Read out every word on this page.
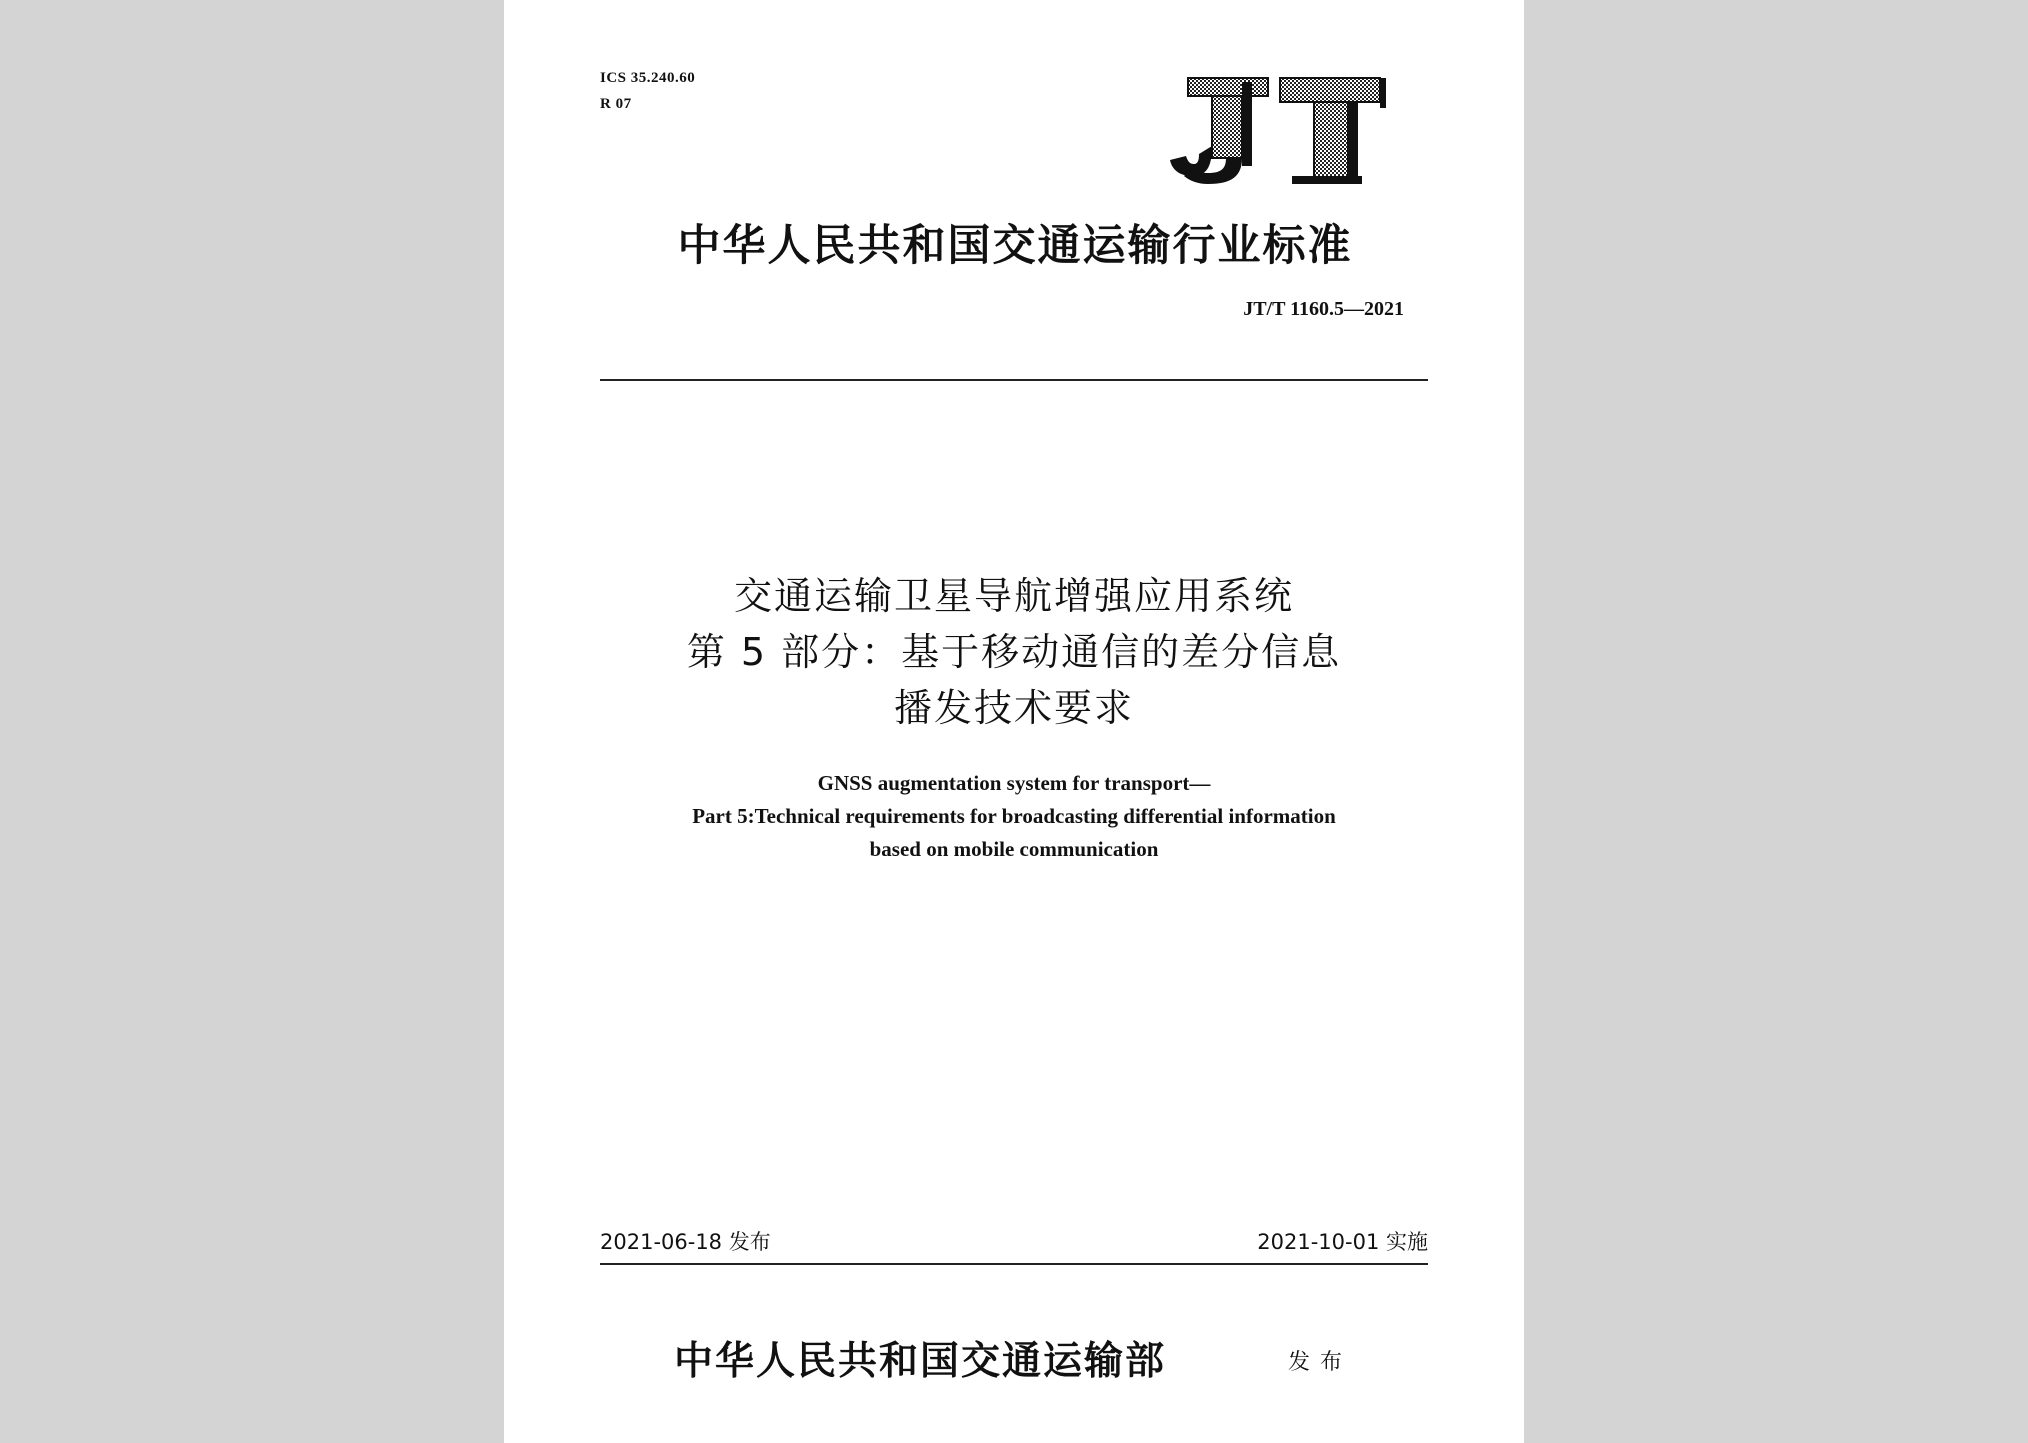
ICS 35.240.60
R 07
中华人民共和国交通运输行业标准
JT/T 1160.5—2021
交通运输卫星导航增强应用系统
第 5 部分：基于移动通信的差分信息
播发技术要求
GNSS augmentation system for transport—
Part 5:Technical requirements for broadcasting differential information
based on mobile communication
2021-06-18 发布	2021-10-01 实施
中华人民共和国交通运输部	发布
